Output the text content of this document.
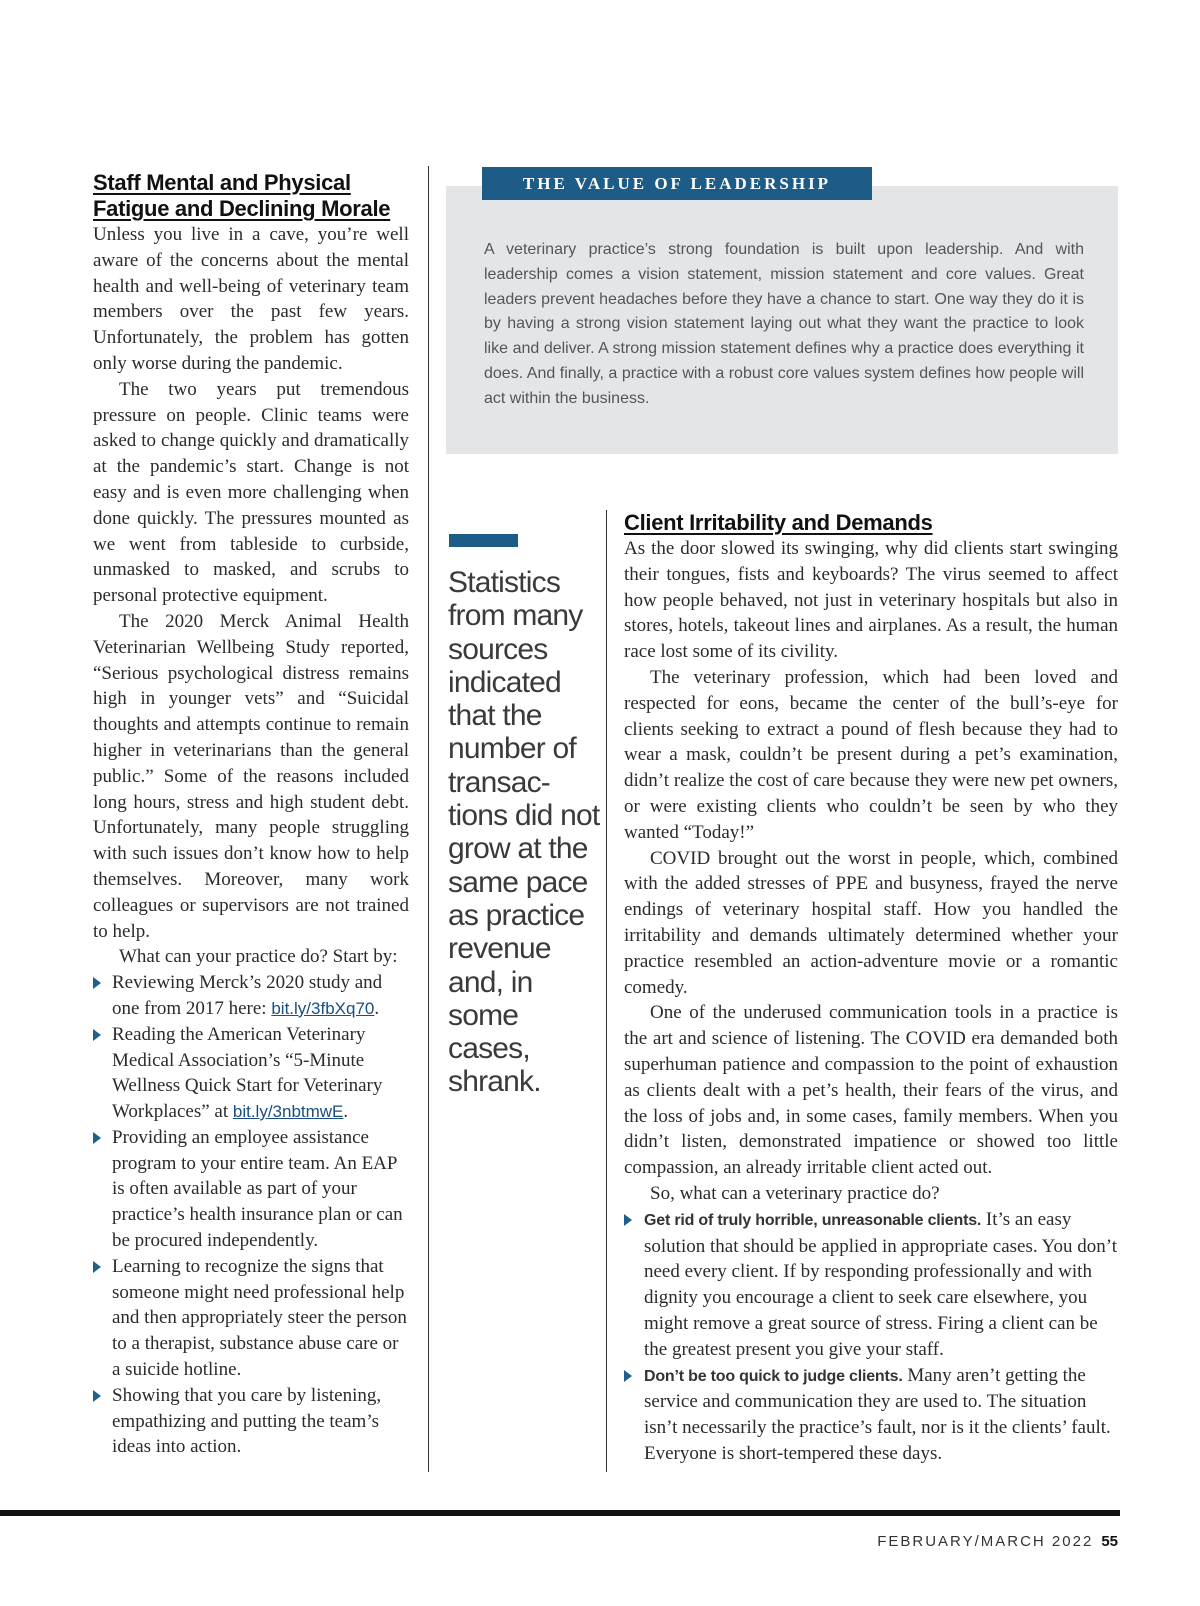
Staff Mental and Physical Fatigue and Declining Morale

Unless you live in a cave, you’re well aware of the concerns about the mental health and well-being of veterinary team members over the past few years. Unfortunately, the problem has gotten only worse during the pandemic.

The two years put tremendous pressure on people. Clinic teams were asked to change quickly and dramatically at the pandemic’s start. Change is not easy and is even more challenging when done quickly. The pressures mounted as we went from tableside to curbside, unmasked to masked, and scrubs to personal protective equipment.

The 2020 Merck Animal Health Veterinarian Wellbeing Study reported, “Serious psychological distress remains high in younger vets” and “Suicidal thoughts and attempts continue to remain higher in veterinarians than the general public.” Some of the reasons included long hours, stress and high student debt. Unfortunately, many people struggling with such issues don’t know how to help themselves. Moreover, many work colleagues or supervisors are not trained to help.

What can your practice do? Start by:

Reviewing Merck’s 2020 study and one from 2017 here: bit.ly/3fbXq70.
Reading the American Veterinary Medical Association’s “5-Minute Wellness Quick Start for Veterinary Workplaces” at bit.ly/3nbtmwE.
Providing an employee assistance program to your entire team. An EAP is often available as part of your practice’s health insurance plan or can be procured independently.
Learning to recognize the signs that someone might need professional help and then appropriately steer the person to a therapist, substance abuse care or a suicide hotline.
Showing that you care by listening, empathizing and putting the team’s ideas into action.
THE VALUE OF LEADERSHIP

A veterinary practice’s strong foundation is built upon leadership. And with leadership comes a vision statement, mission statement and core values. Great leaders prevent headaches before they have a chance to start. One way they do it is by having a strong vision statement laying out what they want the practice to look like and deliver. A strong mission statement defines why a practice does everything it does. And finally, a practice with a robust core values system defines how people will act within the business.

Statistics from many sources indicated that the number of transac-tions did not grow at the same pace as practice revenue and, in some cases, shrank.

Client Irritability and Demands

As the door slowed its swinging, why did clients start swinging their tongues, fists and keyboards? The virus seemed to affect how people behaved, not just in veterinary hospitals but also in stores, hotels, takeout lines and airplanes. As a result, the human race lost some of its civility.

The veterinary profession, which had been loved and respected for eons, became the center of the bull’s-eye for clients seeking to extract a pound of flesh because they had to wear a mask, couldn’t be present during a pet’s examination, didn’t realize the cost of care because they were new pet owners, or were existing clients who couldn’t be seen by who they wanted “Today!”

COVID brought out the worst in people, which, combined with the added stresses of PPE and busyness, frayed the nerve endings of veterinary hospital staff. How you handled the irritability and demands ultimately determined whether your practice resembled an action-adventure movie or a romantic comedy.

One of the underused communication tools in a practice is the art and science of listening. The COVID era demanded both superhuman patience and compassion to the point of exhaustion as clients dealt with a pet’s health, their fears of the virus, and the loss of jobs and, in some cases, family members. When you didn’t listen, demonstrated impatience or showed too little compassion, an already irritable client acted out.

So, what can a veterinary practice do?

Get rid of truly horrible, unreasonable clients. It’s an easy solution that should be applied in appropriate cases. You don’t need every client. If by responding professionally and with dignity you encourage a client to seek care elsewhere, you might remove a great source of stress. Firing a client can be the greatest present you give your staff.
Don’t be too quick to judge clients. Many aren’t getting the service and communication they are used to. The situation isn’t necessarily the practice’s fault, nor is it the clients’ fault. Everyone is short-tempered these days.
FEBRUARY/MARCH 2022 55
